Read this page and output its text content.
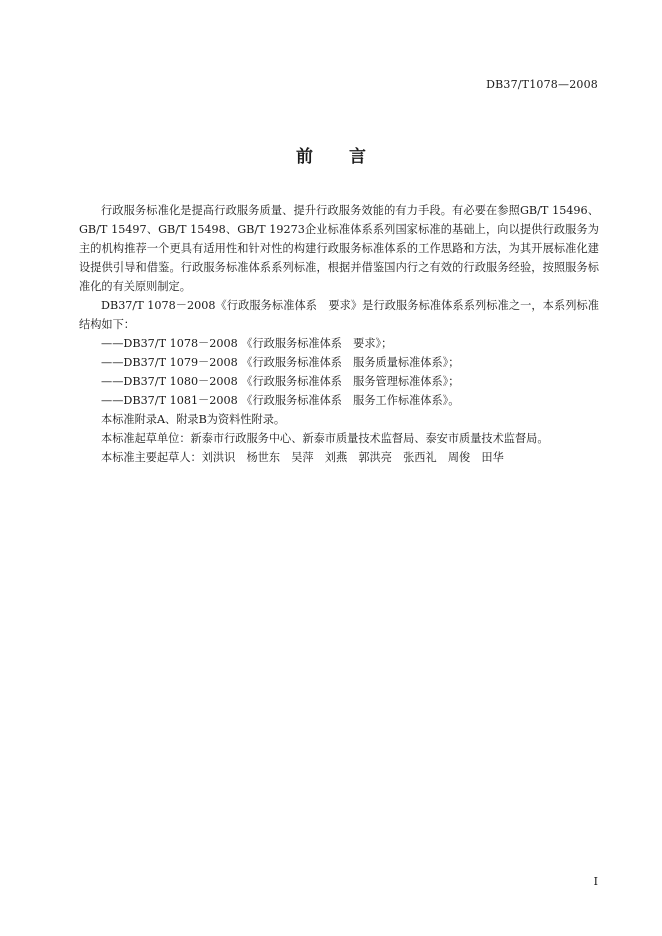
DB37/T1078—2008
前 言

行政服务标准化是提高行政服务质量、提升行政服务效能的有力手段。有必要在参照GB/T 15496、GB/T 15497、GB/T 15498、GB/T 19273企业标准体系系列国家标准的基础上，向以提供行政服务为主的机构推荐一个更具有适用性和针对性的构建行政服务标准体系的工作思路和方法，为其开展标准化建设提供引导和借鉴。行政服务标准体系系列标准，根据并借鉴国内行之有效的行政服务经验，按照服务标准化的有关原则制定。

DB37/T 1078－2008《行政服务标准体系　要求》是行政服务标准体系系列标准之一，本系列标准结构如下：

——DB37/T 1078－2008 《行政服务标准体系　要求》；

——DB37/T 1079－2008 《行政服务标准体系　服务质量标准体系》；

——DB37/T 1080－2008 《行政服务标准体系　服务管理标准体系》；

——DB37/T 1081－2008 《行政服务标准体系　服务工作标准体系》。

本标准附录A、附录B为资料性附录。

本标准起草单位：新泰市行政服务中心、新泰市质量技术监督局、泰安市质量技术监督局。

本标准主要起草人：刘洪识　杨世东　吴萍　刘燕　郭洪亮　张西礼　周俊　田华

I
